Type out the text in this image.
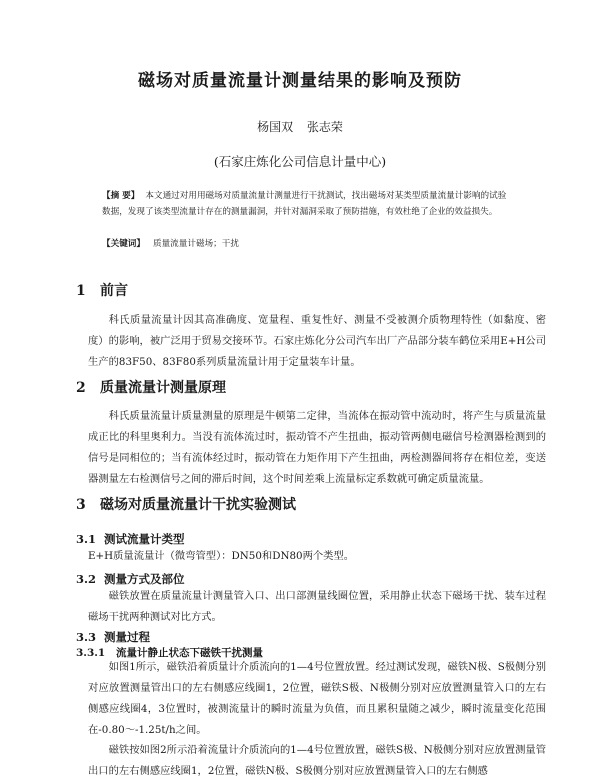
磁场对质量流量计测量结果的影响及预防
杨国双 张志荣
(石家庄炼化公司信息计量中心)
【摘 要】 本文通过对用用磁场对质量流量计测量进行干扰测试，找出磁场对某类型质量流量计影响的试验数据，发现了该类型流量计存在的测量漏洞，并针对漏洞采取了预防措施，有效杜绝了企业的效益损失。
【关键词】 质量流量计磁场；干扰
1 前言
科氏质量流量计因其高准确度、宽量程、重复性好、测量不受被测介质物理特性（如黏度、密度）的影响，被广泛用于贸易交接环节。石家庄炼化分公司汽车出厂产品部分装车鹤位采用E+H公司生产的83F50、83F80系列质量流量计用于定量装车计量。
2 质量流量计测量原理
科氏质量流量计质量测量的原理是牛顿第二定律，当流体在振动管中流动时，将产生与质量流量成正比的科里奥利力。当没有流体流过时，振动管不产生扭曲，振动管两侧电磁信号检测器检测到的信号是同相位的；当有流体经过时，振动管在力矩作用下产生扭曲，两检测器间将存在相位差，变送器测量左右检测信号之间的滞后时间，这个时间差乘上流量标定系数就可确定质量流量。
3 磁场对质量流量计干扰实验测试
3.1 测试流量计类型
E+H质量流量计（微弯管型）：DN50和DN80两个类型。
3.2 测量方式及部位
磁铁放置在质量流量计测量管入口、出口部测量线圈位置，采用静止状态下磁场干扰、装车过程磁场干扰两种测试对比方式。
3.3 测量过程
3.3.1 流量计静止状态下磁铁干扰测量
如图1所示，磁铁沿着质量计介质流向的1—4号位置放置。经过测试发现，磁铁N极、S极侧分别对应放置测量管出口的左右侧感应线圈1，2位置，磁铁S极、N极侧分别对应放置测量管入口的左右侧感应线圈4，3位置时，被测流量计的瞬时流量为负值，而且累积量随之减少，瞬时流量变化范围在-0.80～-1.25t/h之间。
磁铁按如图2所示沿着流量计介质流向的1—4号位置放置，磁铁S极、N极侧分别对应放置测量管出口的左右侧感应线圈1，2位置，磁铁N极、S极侧分别对应放置测量管入口的左右侧感
